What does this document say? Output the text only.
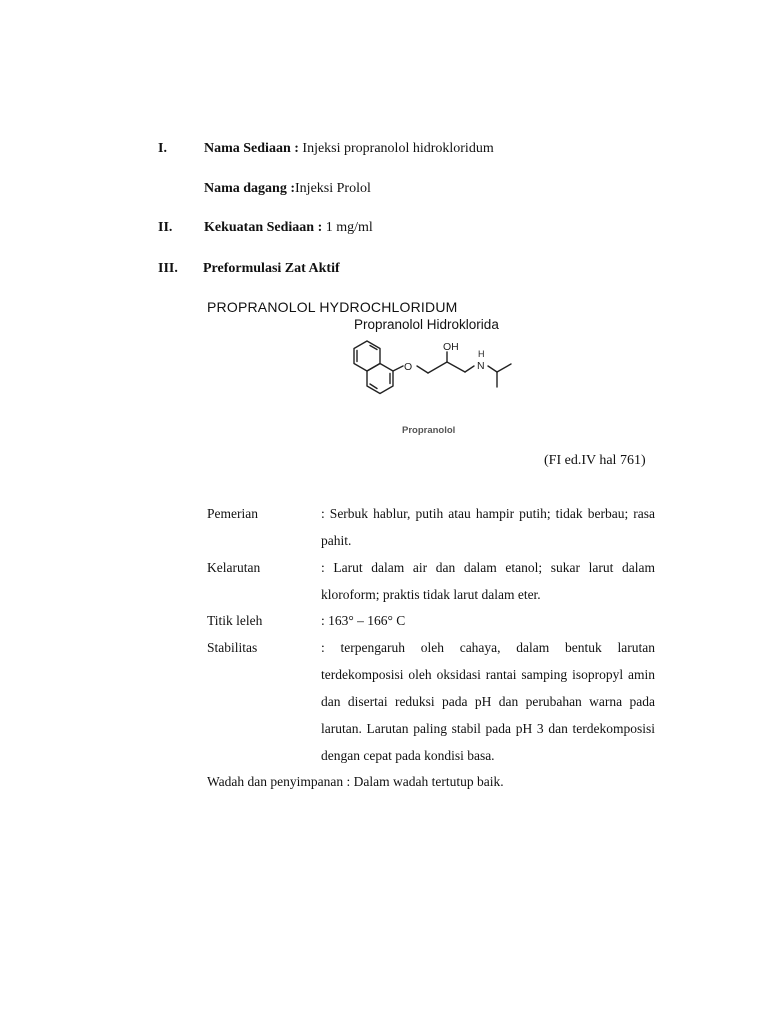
I.	Nama Sediaan : Injeksi propranolol hidrokloridum
Nama dagang :Injeksi Prolol
II. Kekuatan Sediaan : 1 mg/ml
III. Preformulasi Zat Aktif
PROPRANOLOL HYDROCHLORIDUM
Propranolol Hidroklorida
O
OH
N
H
Propranolol
(FI ed.IV hal 761)
Pemerian	: Serbuk hablur, putih atau hampir putih; tidak berbau; rasa pahit.
Kelarutan	: Larut dalam air dan dalam etanol; sukar larut dalam kloroform; praktis tidak larut dalam eter.
Titik leleh	: 163° – 166° C
Stabilitas	: terpengaruh oleh cahaya, dalam bentuk larutan terdekomposisi oleh oksidasi rantai samping isopropyl amin dan disertai reduksi pada pH dan perubahan warna pada larutan. Larutan paling stabil pada pH 3 dan terdekomposisi dengan cepat pada kondisi basa.
Wadah dan penyimpanan : Dalam wadah tertutup baik.
